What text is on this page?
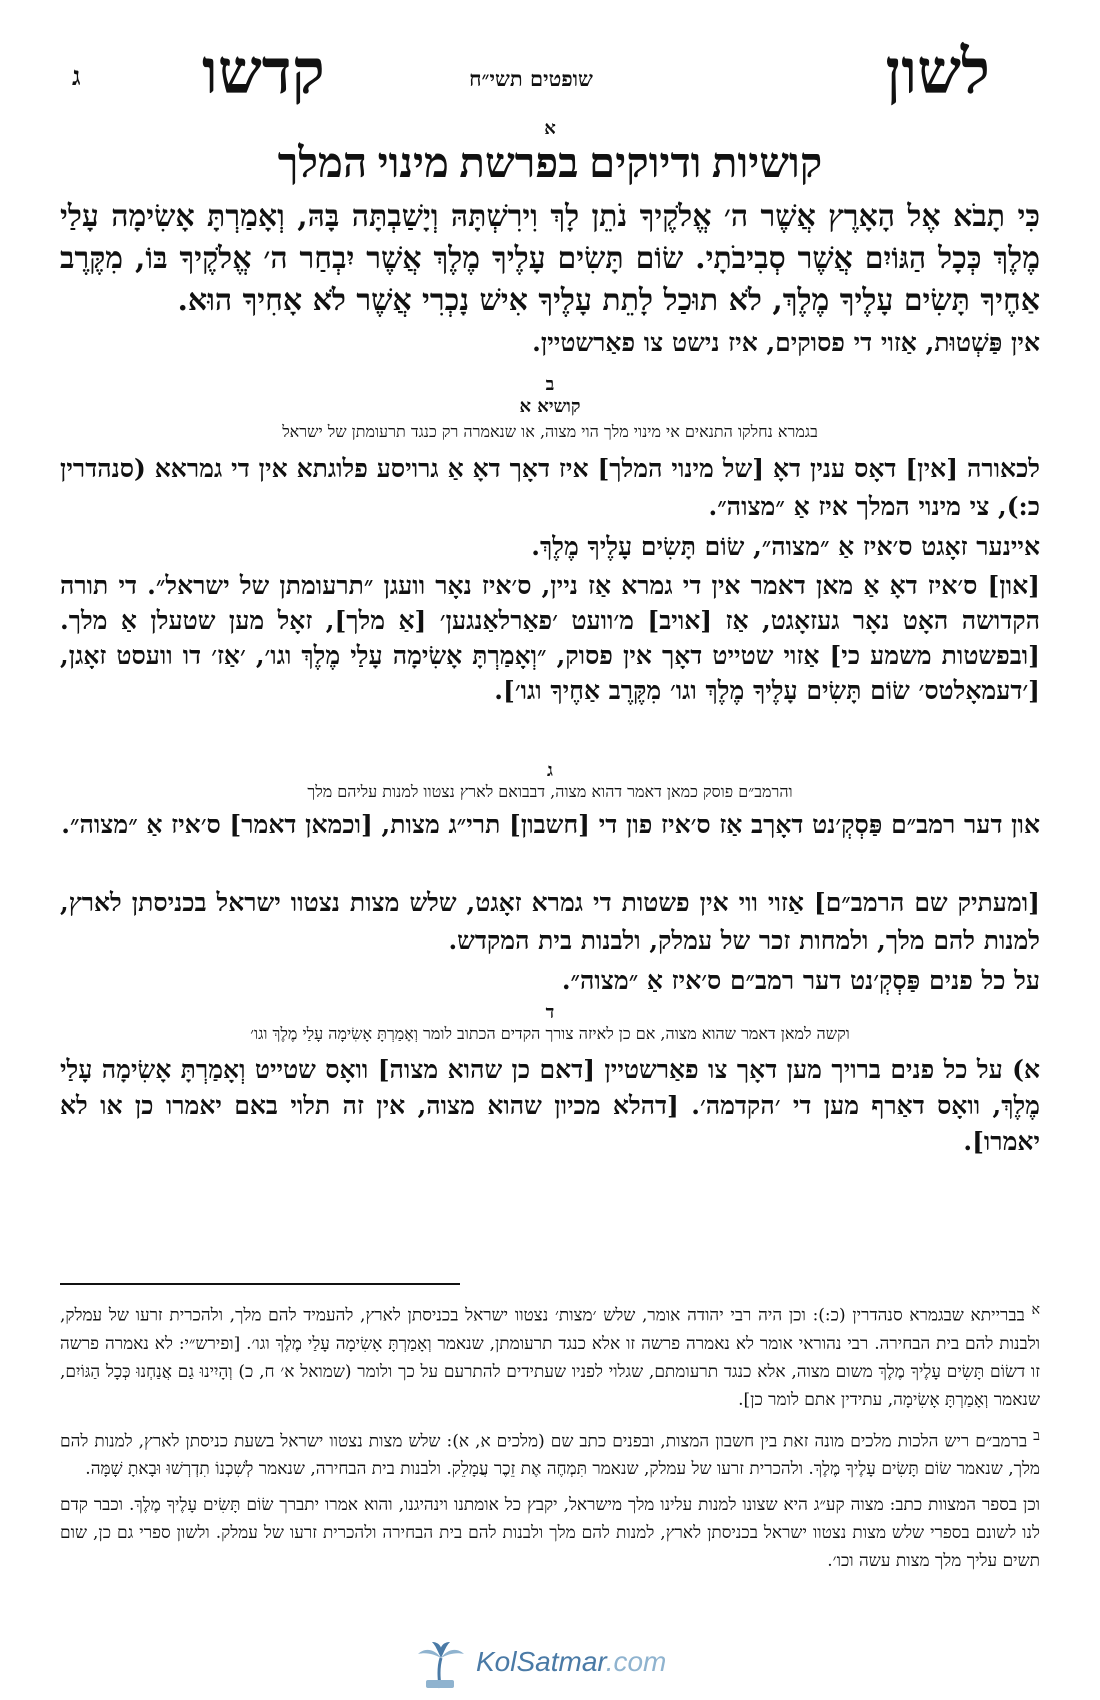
לשון
קדשו	שופטים תשי״ח
ג
א
קושיות ודיוקים בפרשת מינוי המלך
כִּי תָבֹא אֶל הָאָרֶץ אֲשֶׁר ה׳ אֱלֹקֶיךָ נֹתֵן לָךְ וִירִשְׁתָּהּ וְיָשַׁבְתָּה בָּהּ, וְאָמַרְתָּ אָשִׂימָה עָלַי מֶלֶךְ כְּכָל הַגּוֹיִם אֲשֶׁר סְבִיבֹתָי. שׂוֹם תָּשִׂים עָלֶיךָ מֶלֶךְ אֲשֶׁר יִבְחַר ה׳ אֱלֹקֶיךָ בּוֹ, מִקֶּרֶב אַחֶיךָ תָּשִׂים עָלֶיךָ מֶלֶךְ, לֹא תוּכַל לָתֵת עָלֶיךָ אִישׁ נָכְרִי אֲשֶׁר לֹא אָחִיךָ הוּא.
אין פַּשְׁטוּת, אַזוי די פסוקים, איז נישט צו פאַרשטיין.
ב
קושיא א
בגמרא נחלקו התנאים אי מינוי מלך הוי מצוה, או שנאמרה רק כנגד תרעומתן של ישראל
לכאורה [אין] דאָס ענין דאָ [של מינוי המלך] איז דאָך דאָ אַ גרויסע פלוגתא אין די גמראא (סנהדרין כ:), צי מינוי המלך איז אַ ״מצוה״.
איינער זאָגט ס׳איז אַ ״מצוה״, שׂוֹם תָּשִׂים עָלֶיךָ מֶלֶךְ.
[און] ס׳איז דאָ אַ מאן דאמר אין די גמרא אַז ניין, ס׳איז נאָר וועגן ״תרעומתן של ישראל״. די תורה הקדושה האָט נאָר געזאָגט, אַז [אויב] מ׳וועט ׳פאַרלאַנגען׳ [אַ מלך], זאָל מען שטעלן אַ מלך. [ובפשטות משמע כי] אַזוי שטייט דאָך אין פסוק, ״וְאָמַרְתָּ אָשִׂימָה עָלַי מֶלֶךְ וגו׳, ׳אַז׳ דו וועסט זאָגן, [׳דעמאָלטס׳ שׂוֹם תָּשִׂים עָלֶיךָ מֶלֶךְ וגו׳ מִקֶּרֶב אַחֶיךָ וגו׳].
ג
והרמב״ם פוסק כמאן דאמר דהוא מצוה, דבבואם לארץ נצטוו למנות עליהם מלך
און דער רמב״ם פַּסְקְ׳נט דאָךב אַז ס׳איז פון די [חשבון] תרי״ג מצות, [וכמאן דאמר] ס׳איז אַ ״מצוה״.
[ומעתיק שם הרמב״ם] אַזוי ווי אין פשטות די גמרא זאָגט, שלש מצות נצטוו ישראל בכניסתן לארץ, למנות להם מלך, ולמחות זכר של עמלק, ולבנות בית המקדש.
על כל פנים פַּסְקְ׳נט דער רמב״ם ס׳איז אַ ״מצוה״.
ד
וקשה למאן דאמר שהוא מצוה, אם כן לאיזה צורך הקדים הכתוב לומר וְאָמַרְתָּ אָשִׂימָה עָלַי מֶלֶךְ וגו׳
א) על כל פנים ברויך מען דאָך צו פאַרשטיין [דאם כן שהוא מצוה] וואָס שטייט וְאָמַרְתָּ אָשִׂימָה עָלַי מֶלֶךְ, וואָס דאַרף מען די ׳הקדמה׳. [דהלא מכיון שהוא מצוה, אין זה תלוי באם יאמרו כן או לא יאמרו].

$^א$ בברייתא שבגמרא סנהדרין (כ:): וכן היה רבי יהודה אומר, שלש ׳מצות׳ נצטוו ישראל בכניסתן לארץ, להעמיד להם מלך, ולהכרית זרעו של עמלק, ולבנות להם בית הבחירה. רבי נהוראי אומר לא נאמרה פרשה זו אלא כנגד תרעומתן, שנאמר וְאָמַרְתָּ אָשִׂימָה עָלַי מֶלֶךְ וגו׳. [ופירש״י: לא נאמרה פרשה זו דשׂוֹם תָּשִׂים עָלֶיךָ מֶלֶךְ משום מצוה, אלא כנגד תרעומתם, שגלוי לפניו שעתידים להתרעם על כך ולומר (שמואל א׳ ח, כ) וְהָיִינוּ גַם אֲנַחְנוּ כְּכָל הַגּוֹיִם, שנאמר וְאָמַרְתָּ אָשִׂימָה, עתידין אתם לומר כן].

$^ב$ ברמב״ם ריש הלכות מלכים מונה זאת בין חשבון המצות, ובפנים כתב שם (מלכים א, א): שלש מצות נצטוו ישראל בשעת כניסתן לארץ, למנות להם מלך, שנאמר שׂוֹם תָּשִׂים עָלֶיךָ מֶלֶךְ. ולהכרית זרעו של עמלק, שנאמר תִּמְחֶה אֶת זֵכֶר עֲמָלֵק. ולבנות בית הבחירה, שנאמר לְשִׁכְנוֹ תִדְרְשׁוּ וּבָאתָ שָׁמָּה.

וכן בספר המצוות כתב: מצוה קע״ג היא שצונו למנות עלינו מלך מישראל, יקבץ כל אומתנו וינהיגנו, והוא אמרו יתברך שׂוֹם תָּשִׂים עָלֶיךָ מֶלֶךְ. וכבר קדם לנו לשונם בספרי שלש מצות נצטוו ישראל בכניסתן לארץ, למנות להם מלך ולבנות להם בית הבחירה ולהכרית זרעו של עמלק. ולשון ספרי גם כן, שום תשים עליך מלך מצות עשה וכו׳.

KolSatmar.com
